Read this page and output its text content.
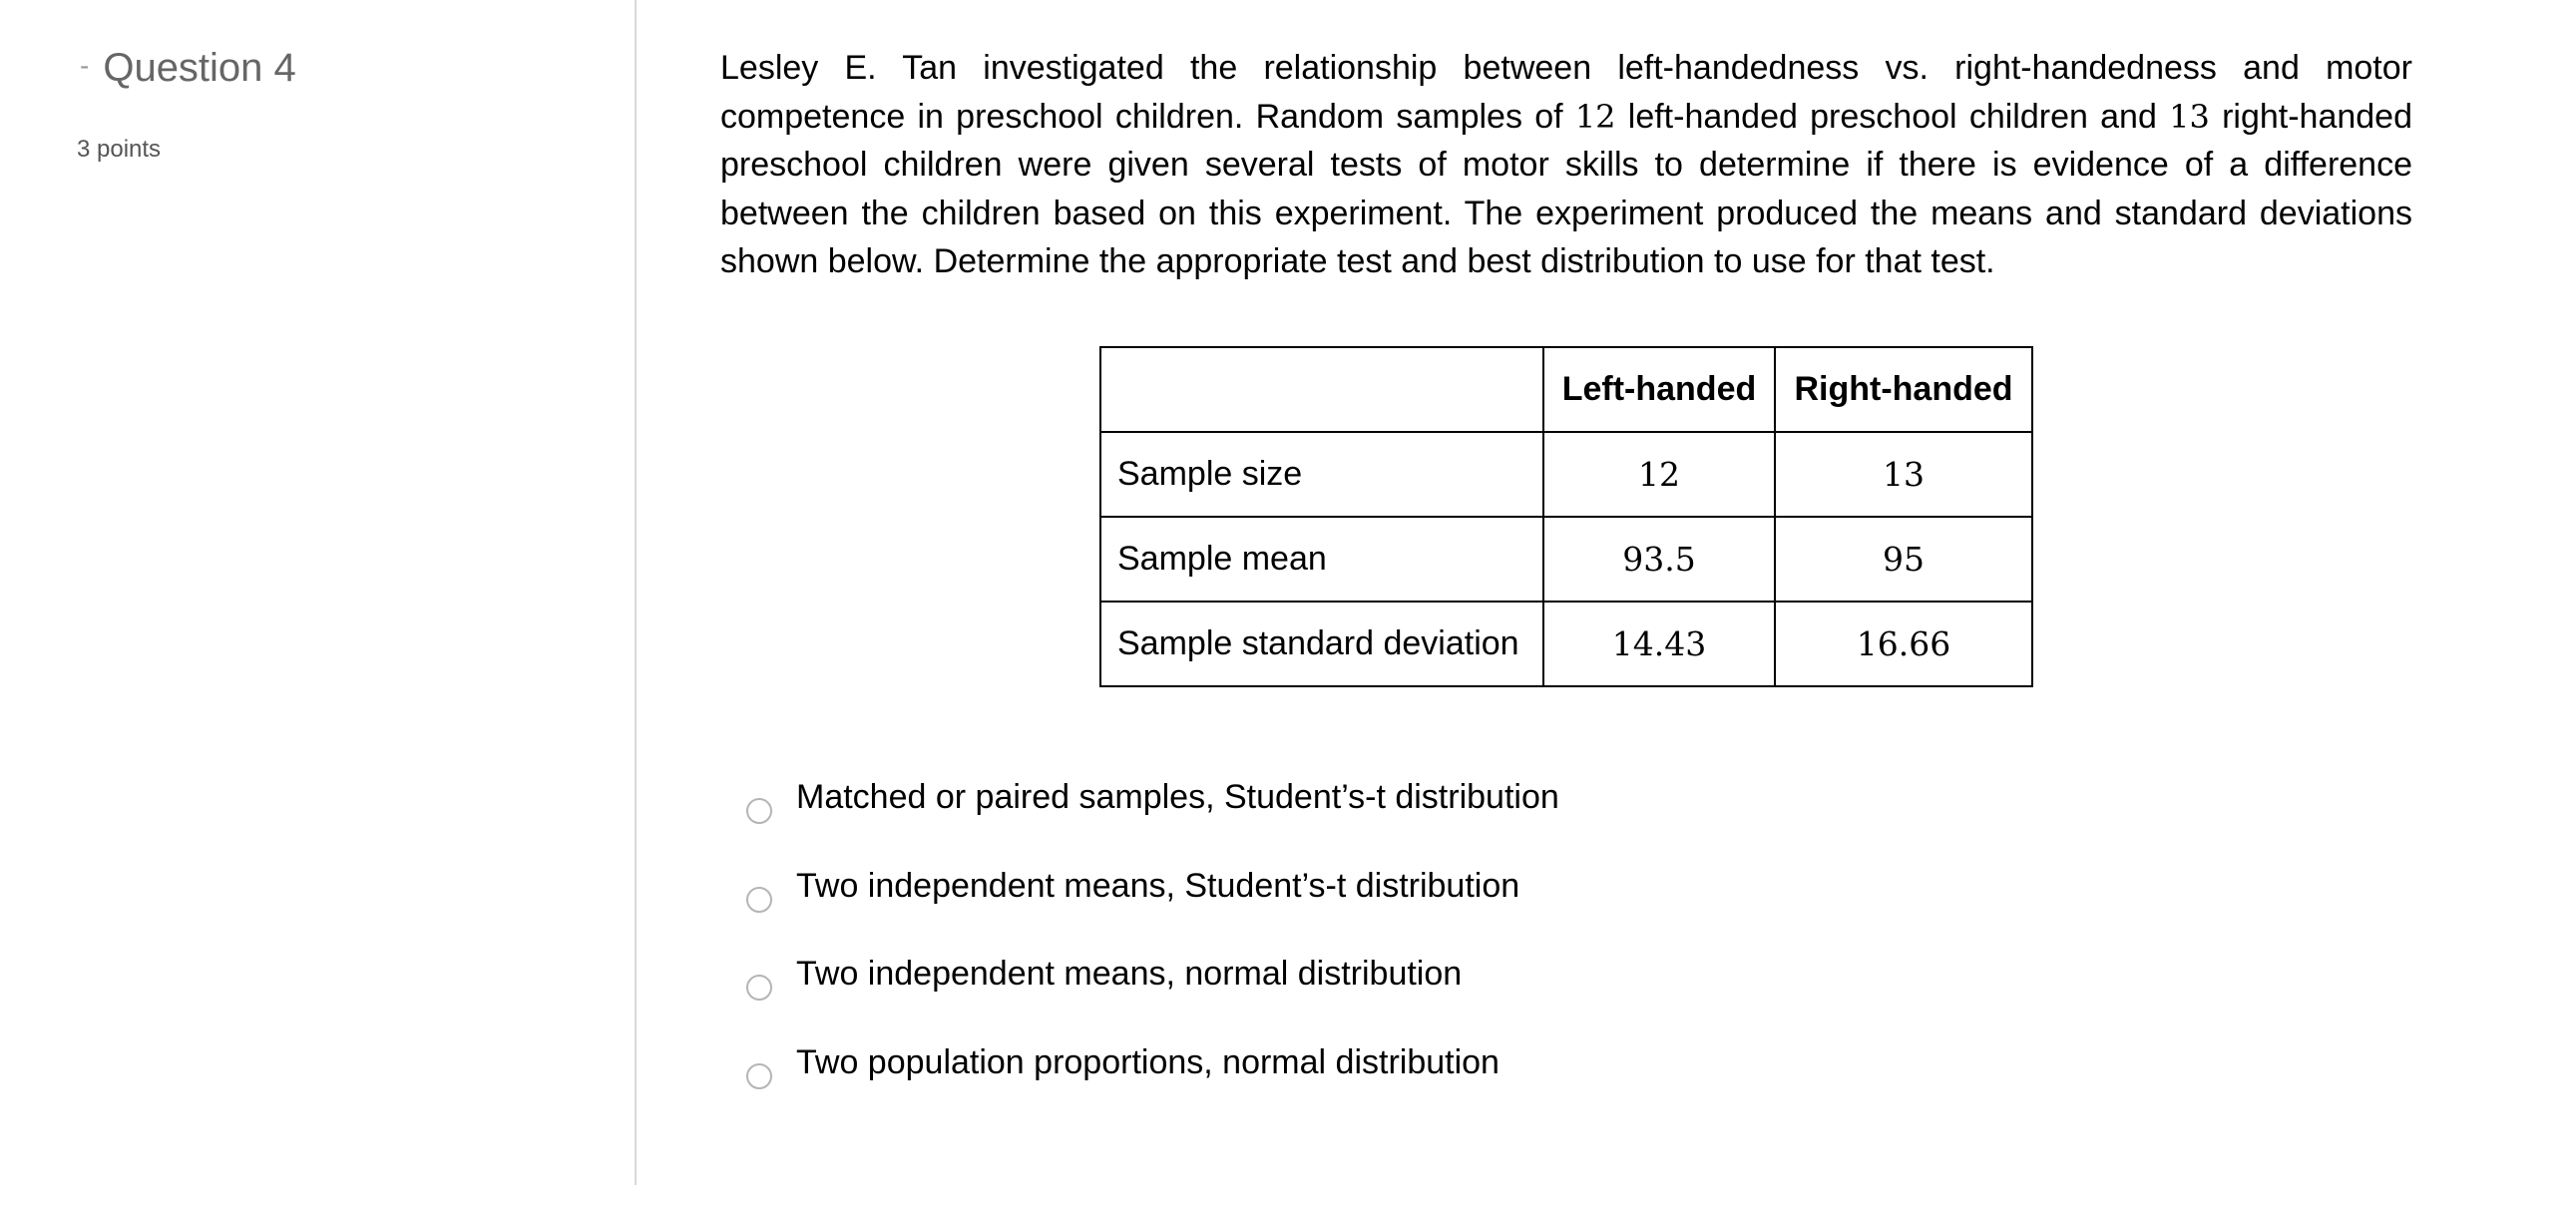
- Question 4
3 points
Lesley E. Tan investigated the relationship between left-handedness vs. right-handedness and motor competence in preschool children. Random samples of 12 left-handed preschool children and 13 right-handed preschool children were given several tests of motor skills to determine if there is evidence of a difference between the children based on this experiment. The experiment produced the means and standard deviations shown below. Determine the appropriate test and best distribution to use for that test.
	Left-handed	Right-handed
Sample size	12	13
Sample mean	93.5	95
Sample standard deviation	14.43	16.66
Matched or paired samples, Student’s-t distribution
Two independent means, Student’s-t distribution
Two independent means, normal distribution
Two population proportions, normal distribution
